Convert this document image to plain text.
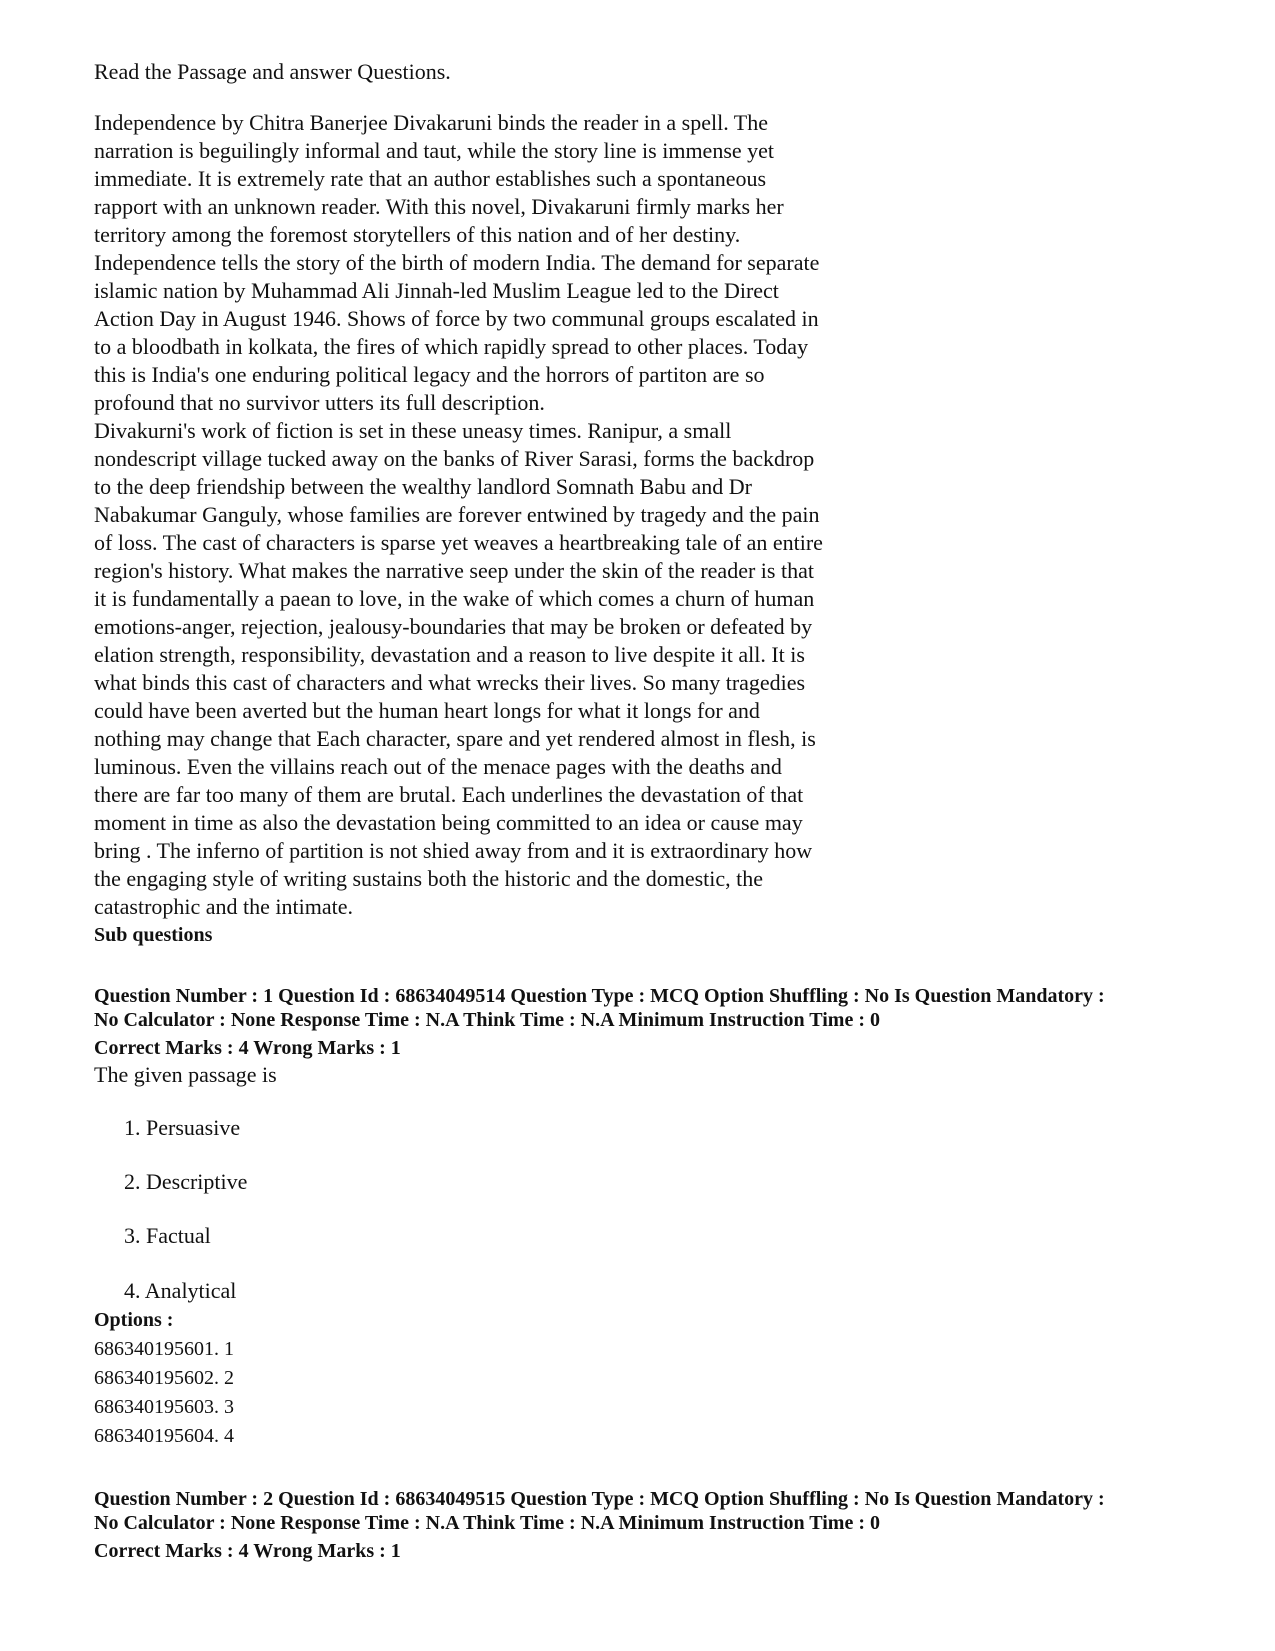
Read the Passage and answer Questions.
Independence by Chitra Banerjee Divakaruni binds the reader in a spell. The
narration is beguilingly informal and taut, while the story line is immense yet
immediate. It is extremely rate that an author establishes such a spontaneous
rapport with an unknown reader. With this novel, Divakaruni firmly marks her
territory among the foremost storytellers of this nation and of her destiny.
Independence tells the story of the birth of modern India. The demand for separate
islamic nation by Muhammad Ali Jinnah-led Muslim League led to the Direct
Action Day in August 1946. Shows of force by two communal groups escalated in
to a bloodbath in kolkata, the fires of which rapidly spread to other places. Today
this is India's one enduring political legacy and the horrors of partiton are so
profound that no survivor utters its full description.
Divakurni's work of fiction is set in these uneasy times. Ranipur, a small
nondescript village tucked away on the banks of River Sarasi, forms the backdrop
to the deep friendship between the wealthy landlord Somnath Babu and Dr
Nabakumar Ganguly, whose families are forever entwined by tragedy and the pain
of loss. The cast of characters is sparse yet weaves a heartbreaking tale of an entire
region's history. What makes the narrative seep under the skin of the reader is that
it is fundamentally a paean to love, in the wake of which comes a churn of human
emotions-anger, rejection, jealousy-boundaries that may be broken or defeated by
elation strength, responsibility, devastation and a reason to live despite it all. It is
what binds this cast of characters and what wrecks their lives. So many tragedies
could have been averted but the human heart longs for what it longs for and
nothing may change that Each character, spare and yet rendered almost in flesh, is
luminous. Even the villains reach out of the menace pages with the deaths and
there are far too many of them are brutal. Each underlines the devastation of that
moment in time as also the devastation being committed to an idea or cause may
bring . The inferno of partition is not shied away from and it is extraordinary how
the engaging style of writing sustains both the historic and the domestic, the
catastrophic and the intimate.
Sub questions
Question Number : 1 Question Id : 68634049514 Question Type : MCQ Option Shuffling : No Is Question Mandatory :
No Calculator : None Response Time : N.A Think Time : N.A Minimum Instruction Time : 0
Correct Marks : 4 Wrong Marks : 1
The given passage is
1. Persuasive
2. Descriptive
3. Factual
4. Analytical
Options :
686340195601. 1
686340195602. 2
686340195603. 3
686340195604. 4
Question Number : 2 Question Id : 68634049515 Question Type : MCQ Option Shuffling : No Is Question Mandatory :
No Calculator : None Response Time : N.A Think Time : N.A Minimum Instruction Time : 0
Correct Marks : 4 Wrong Marks : 1
